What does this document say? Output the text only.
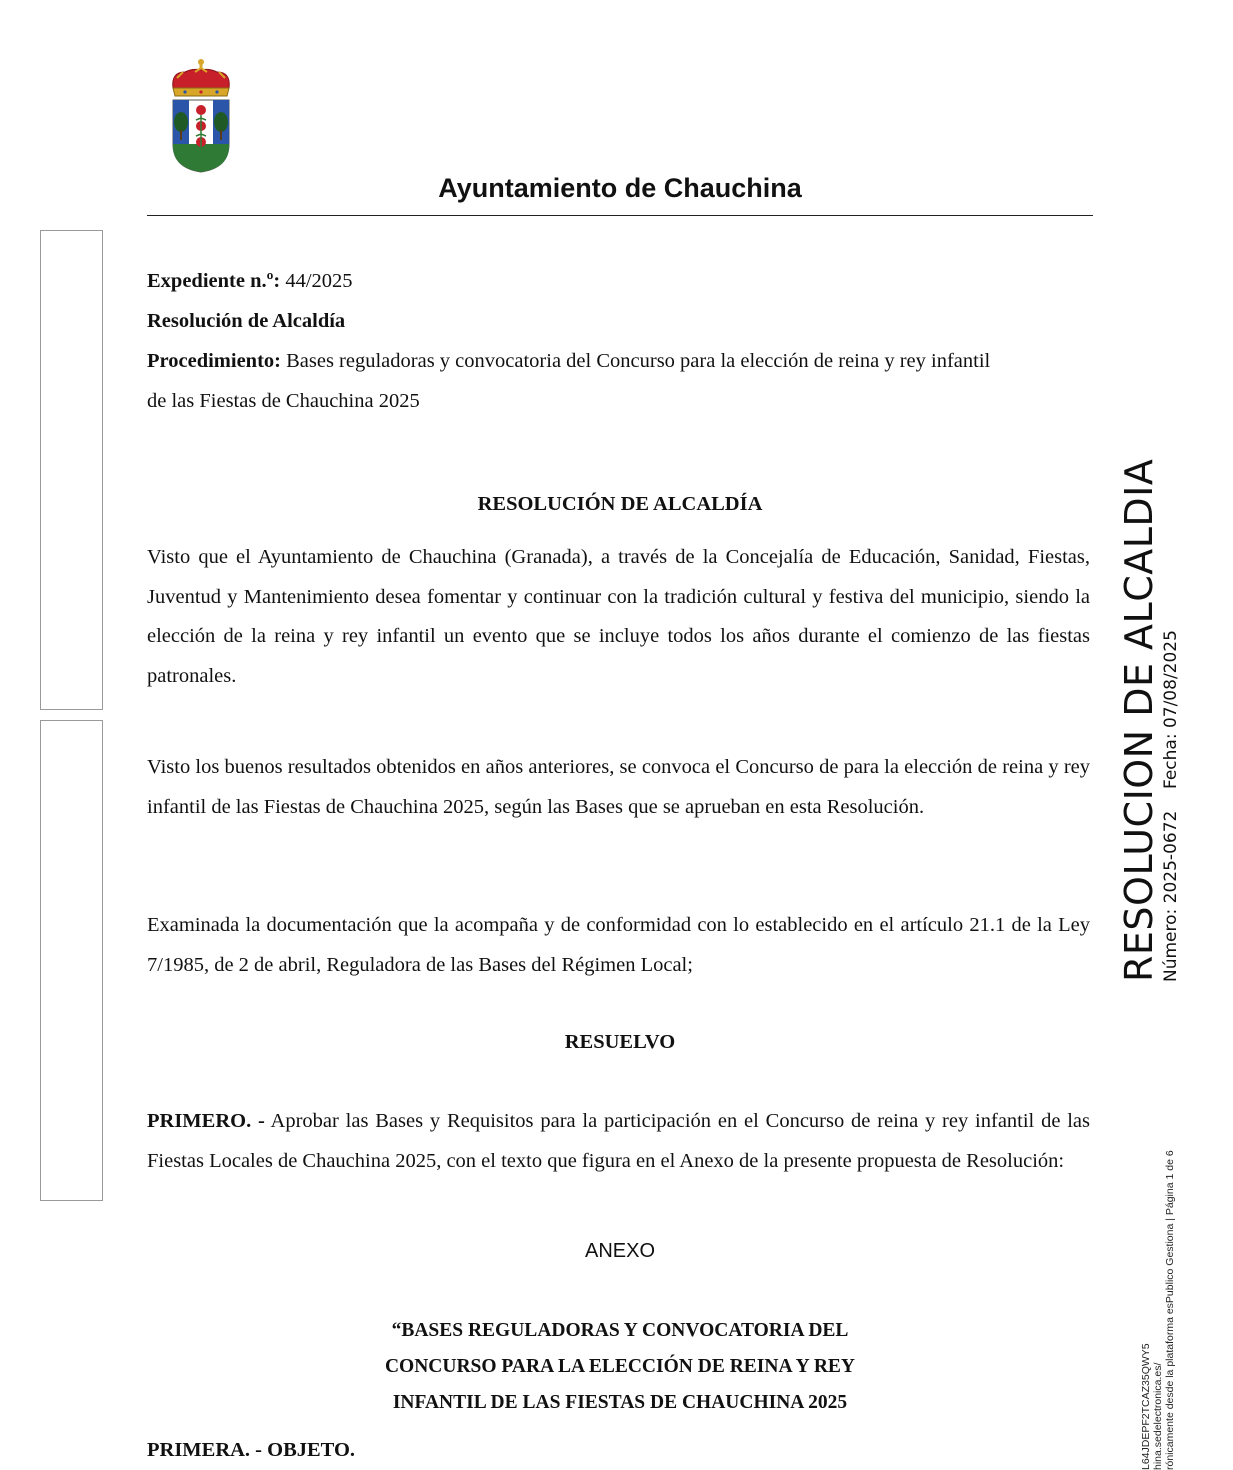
Ayuntamiento de Chauchina
Expediente n.º: 44/2025
Resolución de Alcaldía
Procedimiento: Bases reguladoras y convocatoria del Concurso para la elección de reina y rey infantil
de las Fiestas de Chauchina 2025
RESOLUCIÓN DE ALCALDÍA

Visto que el Ayuntamiento de Chauchina (Granada), a través de la Concejalía de Educación, Sanidad, Fiestas, Juventud y Mantenimiento desea fomentar y continuar con la tradición cultural y festiva del municipio, siendo la elección de la reina y rey infantil un evento que se incluye todos los años durante el comienzo de las fiestas patronales.

Visto los buenos resultados obtenidos en años anteriores, se convoca el Concurso de para la elección de reina y rey infantil de las Fiestas de Chauchina 2025, según las Bases que se aprueban en esta Resolución.

Examinada la documentación que la acompaña y de conformidad con lo establecido en el artículo 21.1 de la Ley 7/1985, de 2 de abril, Reguladora de las Bases del Régimen Local;

RESUELVO

PRIMERO. - Aprobar las Bases y Requisitos para la participación en el Concurso de reina y rey infantil de las Fiestas Locales de Chauchina 2025, con el texto que figura en el Anexo de la presente propuesta de Resolución:

ANEXO
“BASES REGULADORAS Y CONVOCATORIA DEL
CONCURSO PARA LA ELECCIÓN DE REINA Y REY
INFANTIL DE LAS FIESTAS DE CHAUCHINA 2025
PRIMERA. - OBJETO.
RESOLUCION DE ALCALDIA Número: 2025-0672    Fecha: 07/08/2025
L64JDEPF2TCAZ35QWY5 hina.sedelectronica.es/ rónicamente desde la plataforma esPublico Gestiona | Página 1 de 6
